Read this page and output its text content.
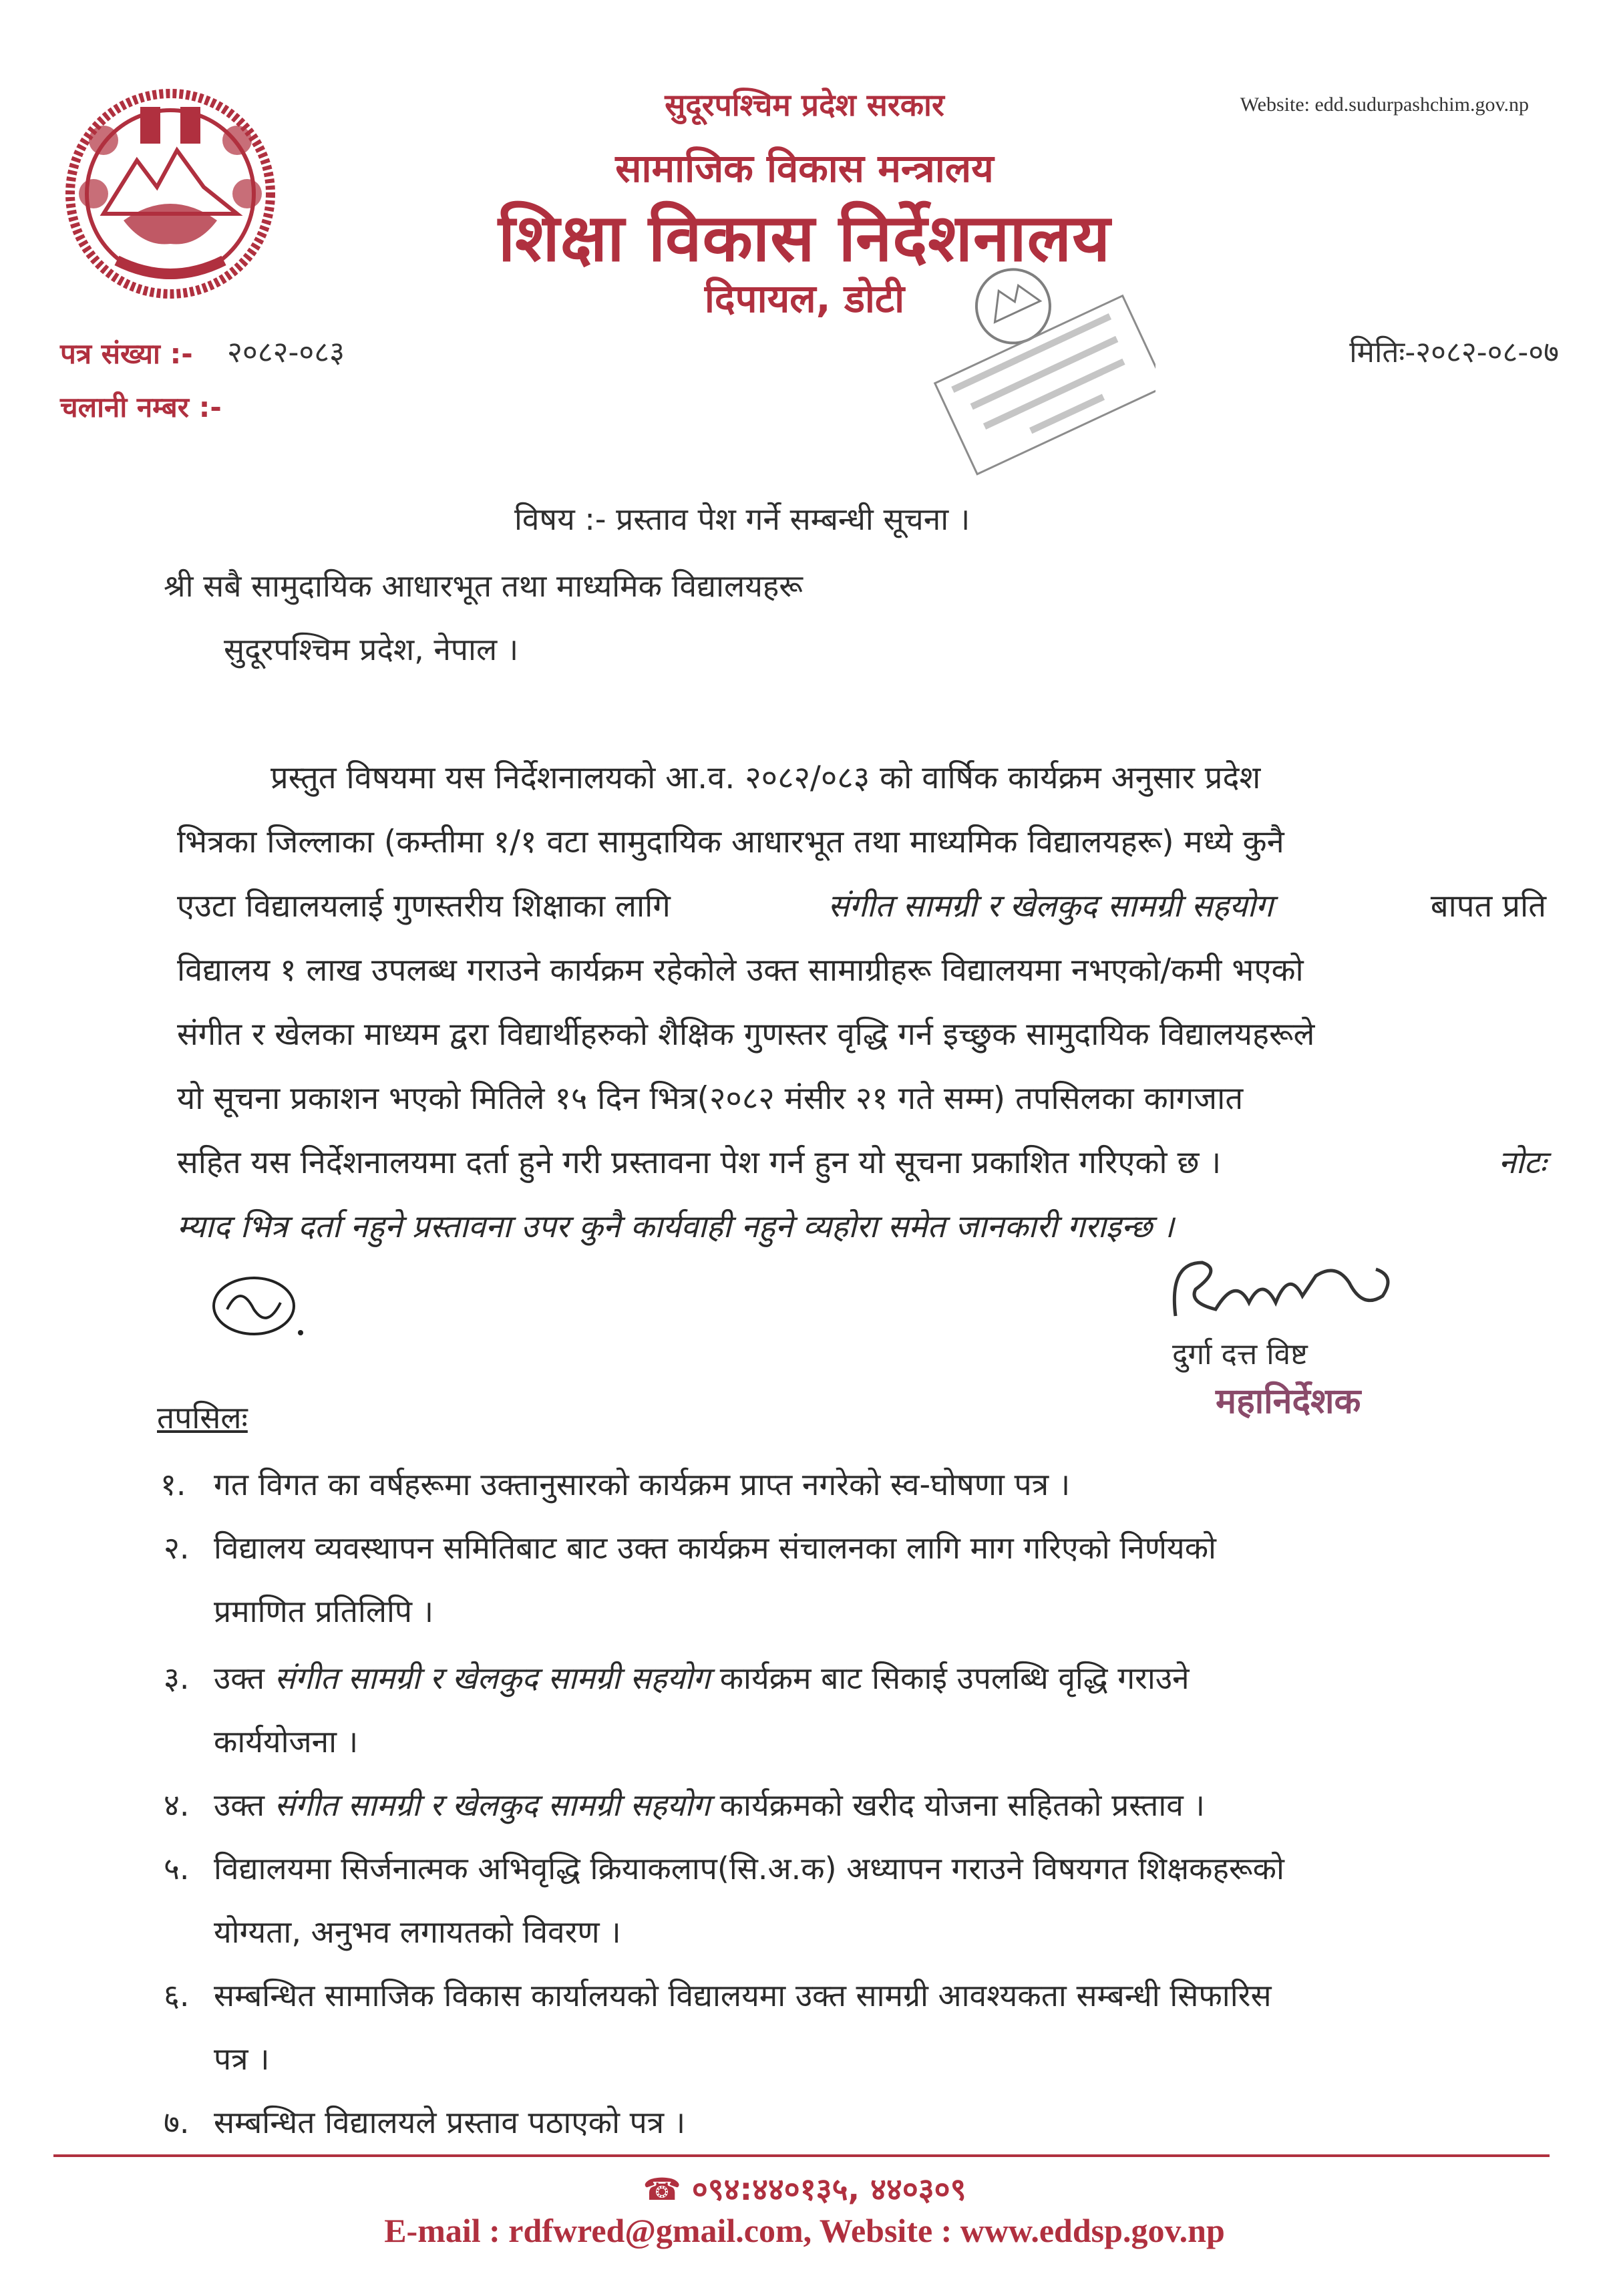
सुदूरपश्चिम प्रदेश सरकार
सामाजिक विकास मन्त्रालय
शिक्षा विकास निर्देशनालय
दिपायल, डोटी
Website: edd.sudurpashchim.gov.np
पत्र संख्या :- २०८२-०८३
चलानी नम्बर :-
मितिः-२०८२-०८-०७
विषय :- प्रस्ताव पेश गर्ने सम्बन्धी सूचना ।
श्री सबै सामुदायिक आधारभूत तथा माध्यमिक विद्यालयहरू
सुदूरपश्चिम प्रदेश, नेपाल ।
प्रस्तुत विषयमा यस निर्देशनालयको आ.व. २०८२/०८३ को वार्षिक कार्यक्रम अनुसार प्रदेश
भित्रका जिल्लाका (कम्तीमा १/१ वटा सामुदायिक आधारभूत तथा माध्यमिक विद्यालयहरू) मध्ये कुनै
एउटा विद्यालयलाई गुणस्तरीय शिक्षाका लागि	संगीत सामग्री र खेलकुद सामग्री सहयोग	बापत प्रति
विद्यालय १ लाख उपलब्ध गराउने कार्यक्रम रहेकोले उक्त सामाग्रीहरू विद्यालयमा नभएको/कमी भएको
संगीत र खेलका माध्यम द्वरा विद्यार्थीहरुको शैक्षिक गुणस्तर वृद्धि गर्न इच्छुक सामुदायिक विद्यालयहरूले
यो सूचना प्रकाशन भएको मितिले १५ दिन भित्र(२०८२ मंसीर २१ गते सम्म) तपसिलका कागजात
सहित यस निर्देशनालयमा दर्ता हुने गरी प्रस्तावना पेश गर्न हुन यो सूचना प्रकाशित गरिएको छ ।	नोटः
म्याद भित्र दर्ता नहुने प्रस्तावना उपर कुनै कार्यवाही नहुने व्यहोरा समेत जानकारी गराइन्छ ।
दुर्गा दत्त विष्ट
महानिर्देशक
तपसिलः
१. गत विगत का वर्षहरूमा उक्तानुसारको कार्यक्रम प्राप्त नगरेको स्व-घोषणा पत्र ।
२. विद्यालय व्यवस्थापन समितिबाट बाट उक्त कार्यक्रम संचालनका लागि माग गरिएको निर्णयको
प्रमाणित प्रतिलिपि ।
३. उक्त संगीत सामग्री र खेलकुद सामग्री सहयोग कार्यक्रम बाट सिकाई उपलब्धि वृद्धि गराउने
कार्ययोजना ।
४. उक्त संगीत सामग्री र खेलकुद सामग्री सहयोग कार्यक्रमको खरीद योजना सहितको प्रस्ताव ।
५. विद्यालयमा सिर्जनात्मक अभिवृद्धि क्रियाकलाप(सि.अ.क) अध्यापन गराउने विषयगत शिक्षकहरूको
योग्यता, अनुभव लगायतको विवरण ।
६. सम्बन्धित सामाजिक विकास कार्यालयको विद्यालयमा उक्त सामग्री आवश्यकता सम्बन्धी सिफारिस
पत्र ।
७. सम्बन्धित विद्यालयले प्रस्ताव पठाएको पत्र ।
☎ ०९४:४४०१३५, ४४०३०९
E-mail : rdfwred@gmail.com, Website : www.eddsp.gov.np
